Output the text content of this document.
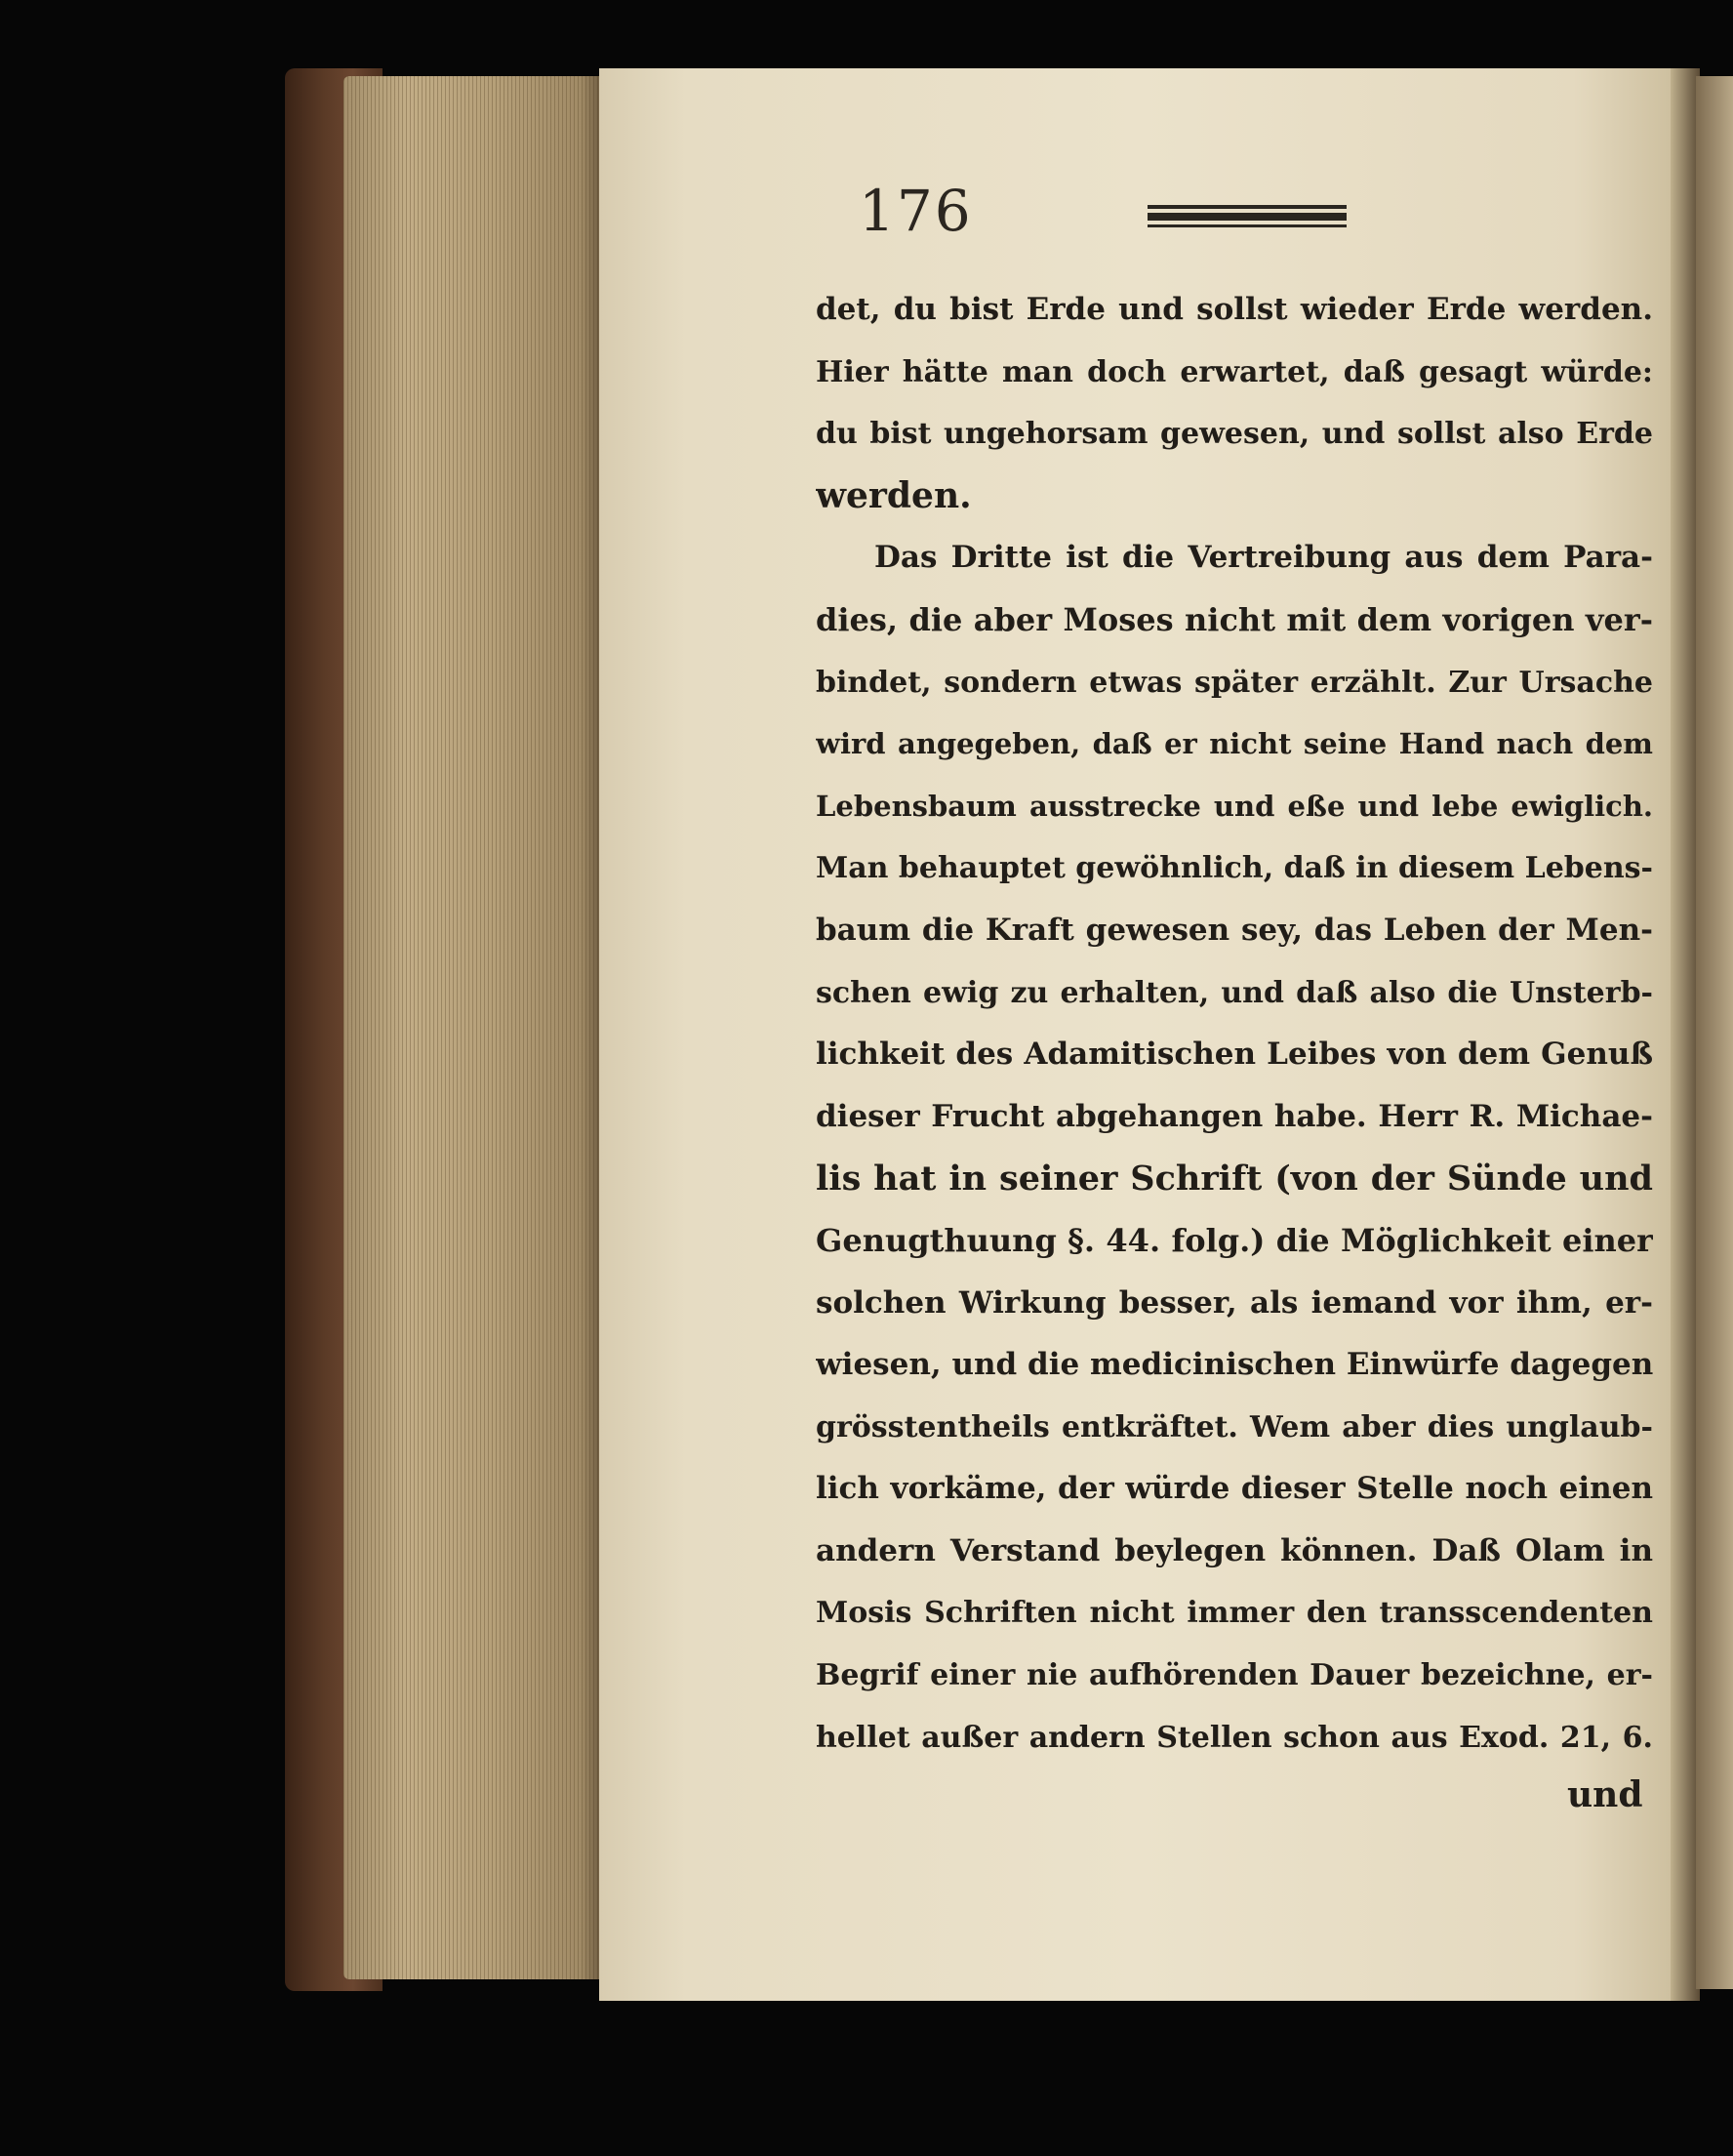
176
det, du bist Erde und sollst wieder Erde werden.
Hier hätte man doch erwartet, daß gesagt würde:
du bist ungehorsam gewesen, und sollst also Erde
werden.
Das Dritte ist die Vertreibung aus dem Para-
dies, die aber Moses nicht mit dem vorigen ver-
bindet, sondern etwas später erzählt. Zur Ursache
wird angegeben, daß er nicht seine Hand nach dem
Lebensbaum ausstrecke und eße und lebe ewiglich.
Man behauptet gewöhnlich, daß in diesem Lebens-
baum die Kraft gewesen sey, das Leben der Men-
schen ewig zu erhalten, und daß also die Unsterb-
lichkeit des Adamitischen Leibes von dem Genuß
dieser Frucht abgehangen habe. Herr R. Michae-
lis hat in seiner Schrift (von der Sünde und
Genugthuung §. 44. folg.) die Möglichkeit einer
solchen Wirkung besser, als iemand vor ihm, er-
wiesen, und die medicinischen Einwürfe dagegen
grösstentheils entkräftet. Wem aber dies unglaub-
lich vorkäme, der würde dieser Stelle noch einen
andern Verstand beylegen können. Daß Olam in
Mosis Schriften nicht immer den transscendenten
Begrif einer nie aufhörenden Dauer bezeichne, er-
hellet außer andern Stellen schon aus Exod. 21, 6.
und
